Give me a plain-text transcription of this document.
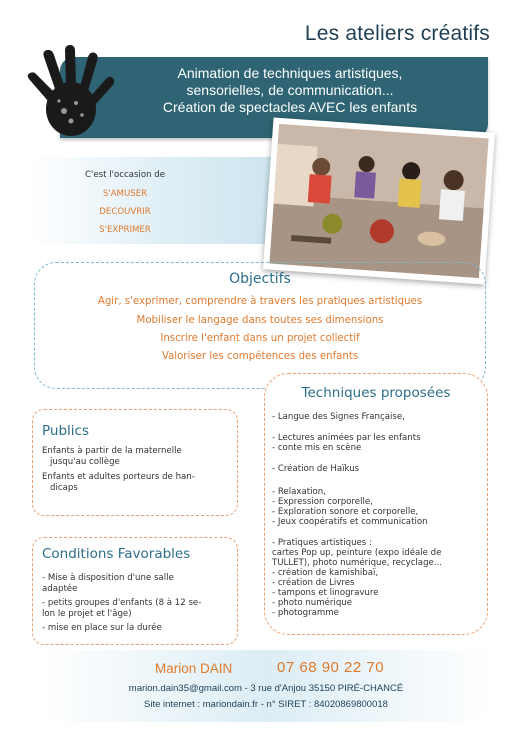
Les ateliers créatifs
Animation de techniques artistiques,
sensorielles, de communication...
Création de spectacles AVEC les enfants
C'est l'occasion de
S'AMUSER
DECOUVRIR
S'EXPRIMER
Objectifs
Agir, s'exprimer, comprendre à travers les pratiques artistiques
Mobiliser le langage dans toutes ses dimensions
Inscrire l'enfant dans un projet collectif
Valoriser les compétences des enfants
Techniques proposées
- Langue des Signes Française,
- Lectures animées par les enfants
- conte mis en scène
- Création de Haïkus
- Relaxation,
- Expression corporelle,
- Exploration sonore et corporelle,
- Jeux coopératifs et communication
- Pratiques artistiques :
cartes Pop up, peinture (expo idéale de
TULLET), photo numérique, recyclage...
- création de kamishibaï,
- création de Livres
- tampons et linogravure
- photo numérique
- photogramme
Publics
Enfants à partir de la maternelle
jusqu'au collège
Enfants et adultes porteurs de han-
dicaps
Conditions Favorables
- Mise à disposition d'une salle
adaptée
- petits groupes d'enfants (8 à 12 se-
lon le projet et l'âge)
- mise en place sur la durée
Marion DAIN	07 68 90 22 70
marion.dain35@gmail.com - 3 rue d'Anjou 35150 PIRÉ-CHANCÉ
Site internet : mariondain.fr - n° SIRET : 84020869800018
